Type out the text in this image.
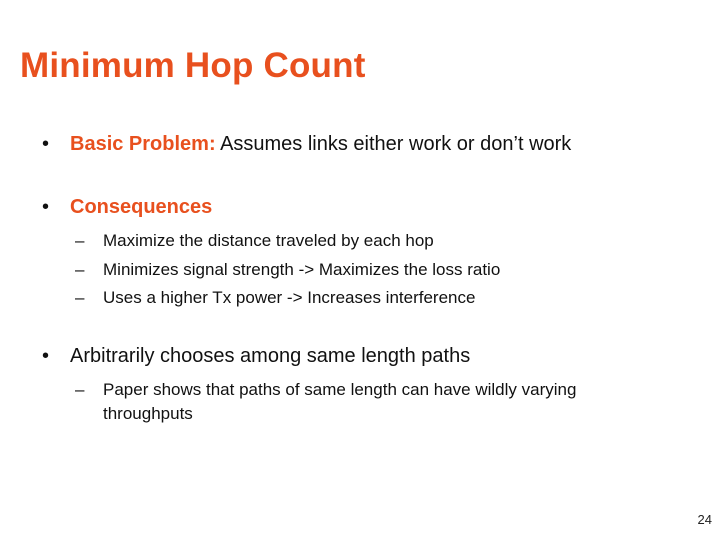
Minimum Hop Count
• Basic Problem: Assumes links either work or don’t work
• Consequences
– Maximize the distance traveled by each hop
– Minimizes signal strength -> Maximizes the loss ratio
– Uses a higher Tx power -> Increases interference
• Arbitrarily chooses among same length paths
– Paper shows that paths of same length can have wildly varying
throughputs
24
